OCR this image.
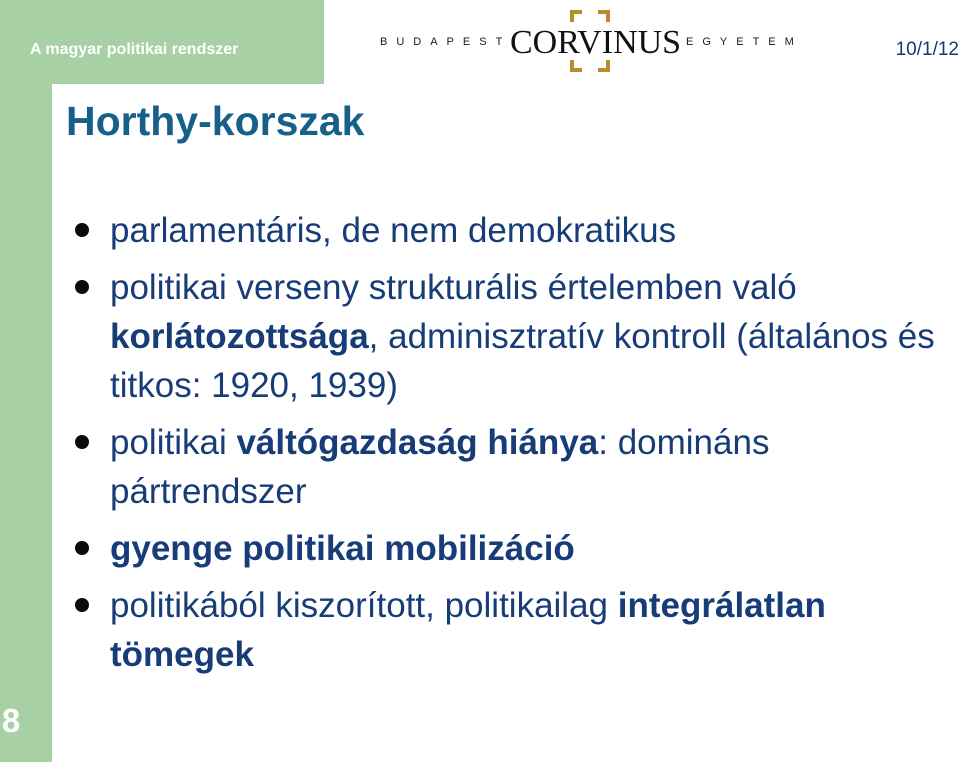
A magyar politikai rendszer	BUDAPESTI
CORVINUS EGYETEM	10/1/12
Horthy-korszak
parlamentáris, de nem demokratikus
politikai verseny strukturális értelemben való korlátozottsága, adminisztratív kontroll (általános és titkos: 1920, 1939)
politikai váltógazdaság hiánya: domináns pártrendszer
gyenge politikai mobilizáció
politikából kiszorított, politikailag integrálatlan tömegek
8
